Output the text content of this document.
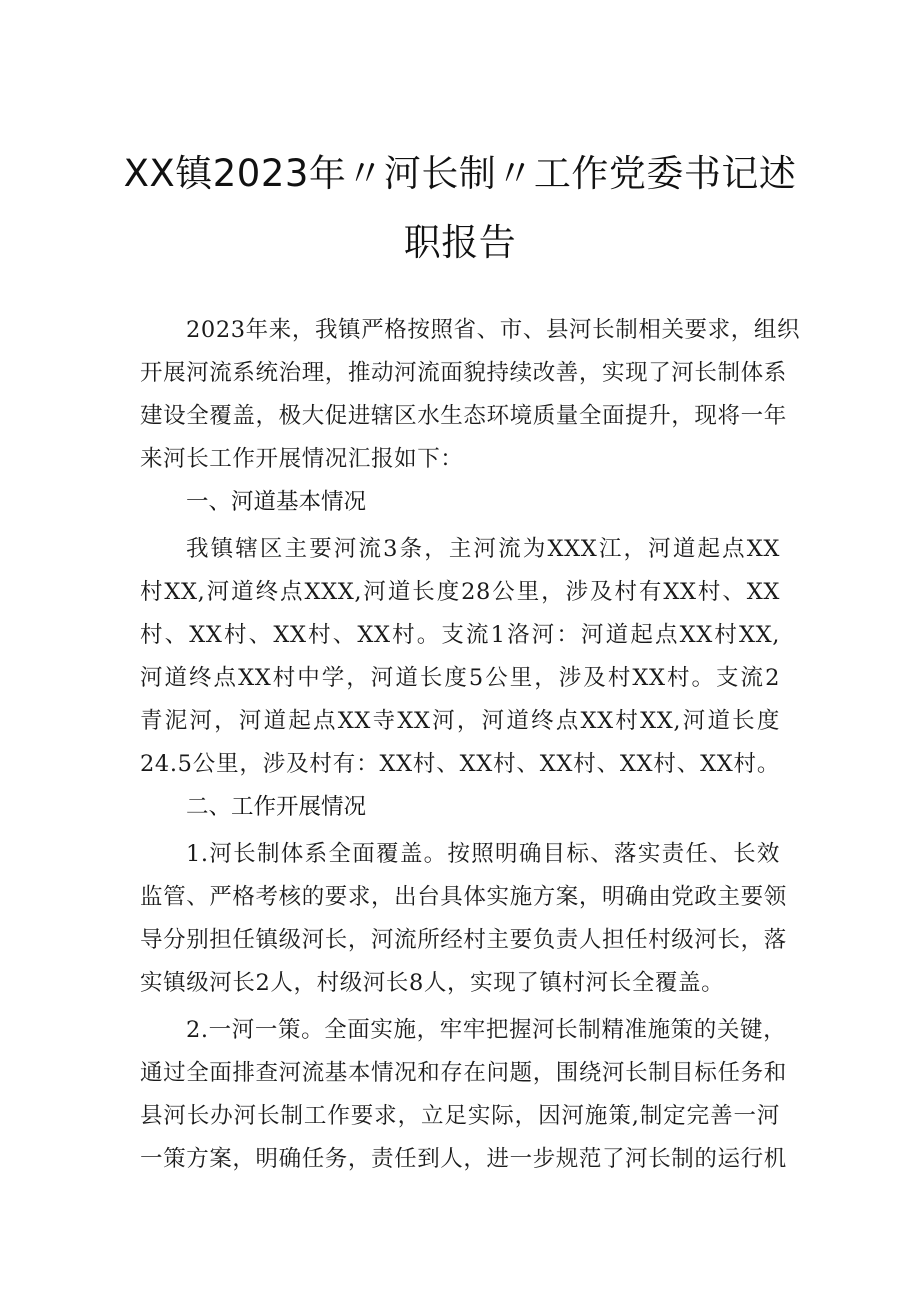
XX镇2023年〃河长制〃工作党委书记述
职报告
2023年来，我镇严格按照省、市、县河长制相关要求，组织
开展河流系统治理，推动河流面貌持续改善，实现了河长制体系
建设全覆盖，极大促进辖区水生态环境质量全面提升，现将一年
来河长工作开展情况汇报如下：
一、河道基本情况
我镇辖区主要河流3条，主河流为XXX江，河道起点XX
村XX,河道终点XXX,河道长度28公里，涉及村有XX村、XX
村、XX村、XX村、XX村。支流1洛河：河道起点XX村XX,
河道终点XX村中学，河道长度5公里，涉及村XX村。支流2
青泥河，河道起点XX寺XX河，河道终点XX村XX,河道长度
24.5公里，涉及村有：XX村、XX村、XX村、XX村、XX村。
二、工作开展情况
1.河长制体系全面覆盖。按照明确目标、落实责任、长效
监管、严格考核的要求，出台具体实施方案，明确由党政主要领
导分别担任镇级河长，河流所经村主要负责人担任村级河长，落
实镇级河长2人，村级河长8人，实现了镇村河长全覆盖。
2.一河一策。全面实施，牢牢把握河长制精准施策的关键，
通过全面排查河流基本情况和存在问题，围绕河长制目标任务和
县河长办河长制工作要求，立足实际，因河施策,制定完善一河
一策方案，明确任务，责任到人，进一步规范了河长制的运行机
